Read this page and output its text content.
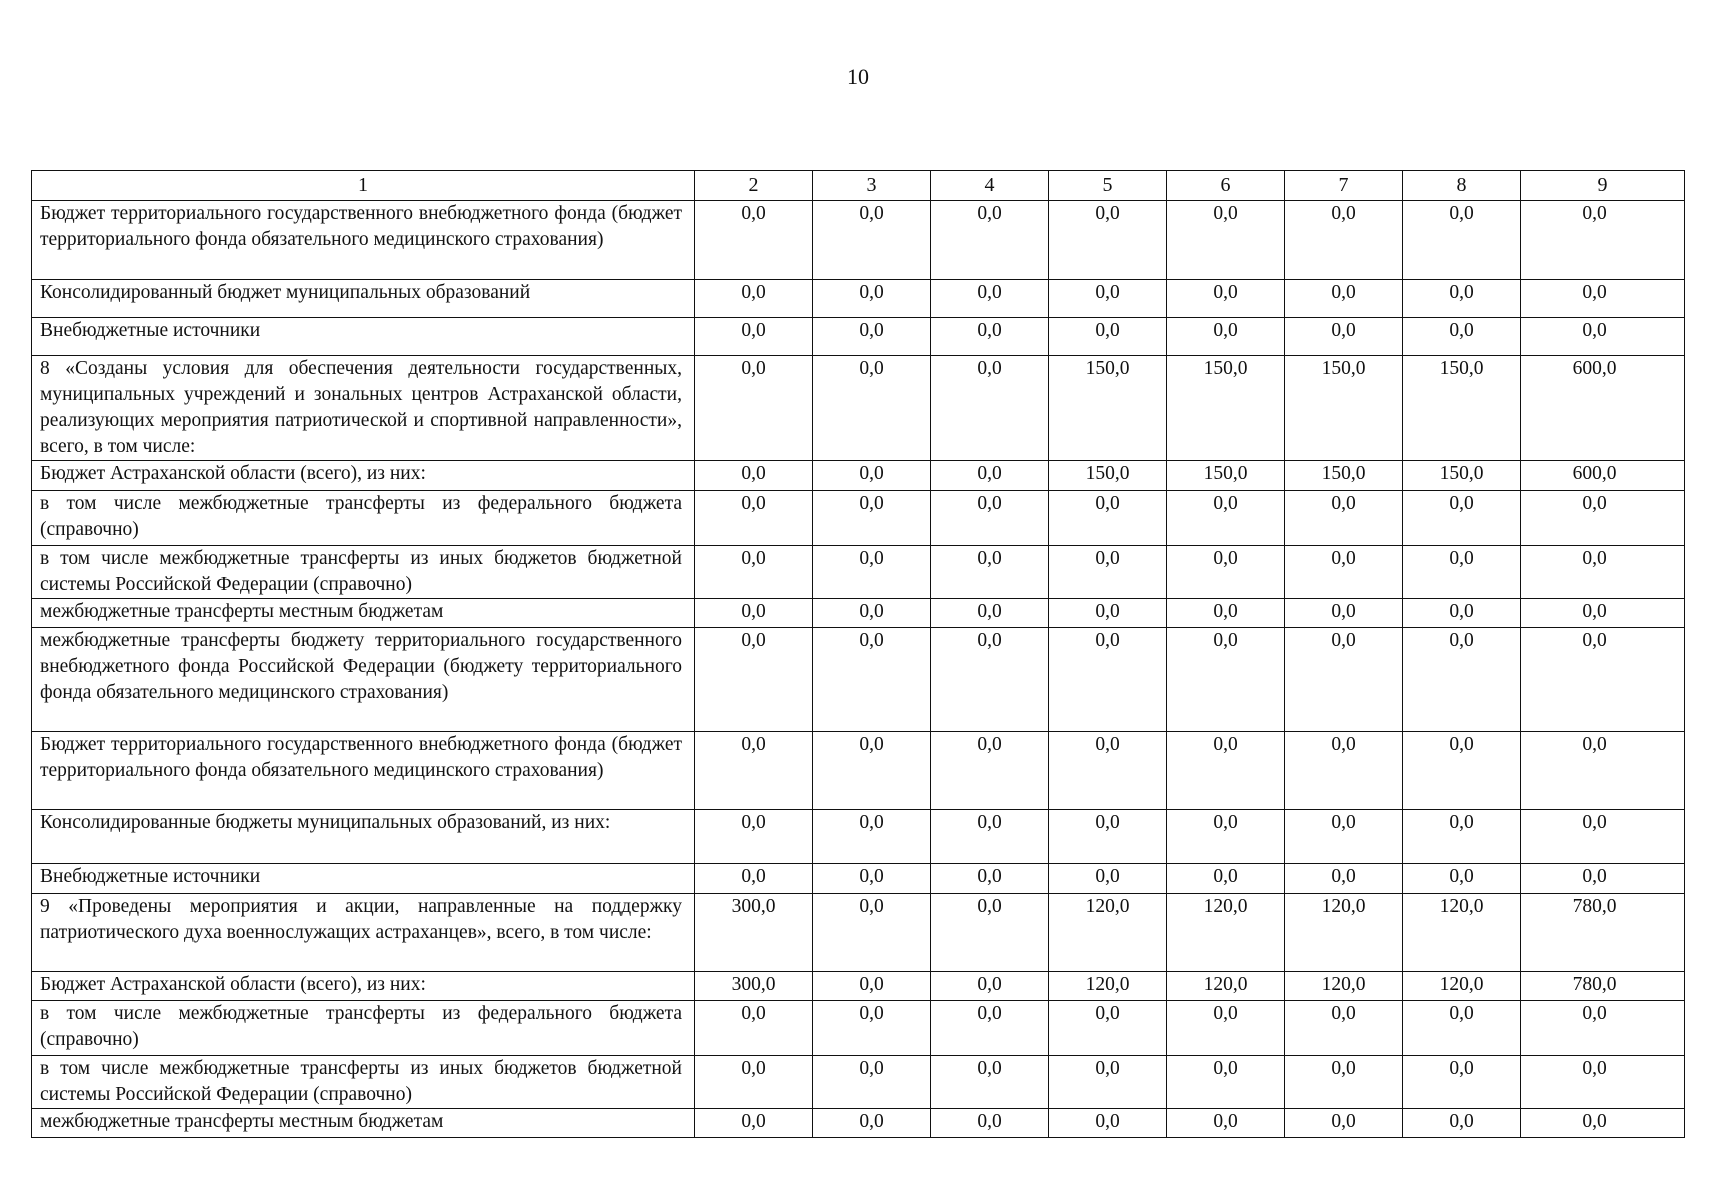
10
1	2	3	4	5	6	7	8	9
Бюджет территориального государственного внебюджетного фонда (бюджет территориального фонда обязательного медицинского страхования)	0,0	0,0	0,0	0,0	0,0	0,0	0,0	0,0
Консолидированный бюджет муниципальных образований	0,0	0,0	0,0	0,0	0,0	0,0	0,0	0,0
Внебюджетные источники	0,0	0,0	0,0	0,0	0,0	0,0	0,0	0,0
8 «Созданы условия для обеспечения деятельности государственных, муниципальных учреждений и зональных центров Астраханской области, реализующих мероприятия патриотической и спортивной направленности», всего, в том числе:	0,0	0,0	0,0	150,0	150,0	150,0	150,0	600,0
Бюджет Астраханской области (всего), из них:	0,0	0,0	0,0	150,0	150,0	150,0	150,0	600,0
в том числе межбюджетные трансферты из федерального бюджета (справочно)	0,0	0,0	0,0	0,0	0,0	0,0	0,0	0,0
в том числе межбюджетные трансферты из иных бюджетов бюджетной системы Российской Федерации (справочно)	0,0	0,0	0,0	0,0	0,0	0,0	0,0	0,0
межбюджетные трансферты местным бюджетам	0,0	0,0	0,0	0,0	0,0	0,0	0,0	0,0
межбюджетные трансферты бюджету территориального государственного внебюджетного фонда Российской Федерации (бюджету территориального фонда обязательного медицинского страхования)	0,0	0,0	0,0	0,0	0,0	0,0	0,0	0,0
Бюджет территориального государственного внебюджетного фонда (бюджет территориального фонда обязательного медицинского страхования)	0,0	0,0	0,0	0,0	0,0	0,0	0,0	0,0
Консолидированные бюджеты муниципальных образований, из них:	0,0	0,0	0,0	0,0	0,0	0,0	0,0	0,0
Внебюджетные источники	0,0	0,0	0,0	0,0	0,0	0,0	0,0	0,0
9 «Проведены мероприятия и акции, направленные на поддержку патриотического духа военнослужащих астраханцев», всего, в том числе:	300,0	0,0	0,0	120,0	120,0	120,0	120,0	780,0
Бюджет Астраханской области (всего), из них:	300,0	0,0	0,0	120,0	120,0	120,0	120,0	780,0
в том числе межбюджетные трансферты из федерального бюджета (справочно)	0,0	0,0	0,0	0,0	0,0	0,0	0,0	0,0
в том числе межбюджетные трансферты из иных бюджетов бюджетной системы Российской Федерации (справочно)	0,0	0,0	0,0	0,0	0,0	0,0	0,0	0,0
межбюджетные трансферты местным бюджетам	0,0	0,0	0,0	0,0	0,0	0,0	0,0	0,0
